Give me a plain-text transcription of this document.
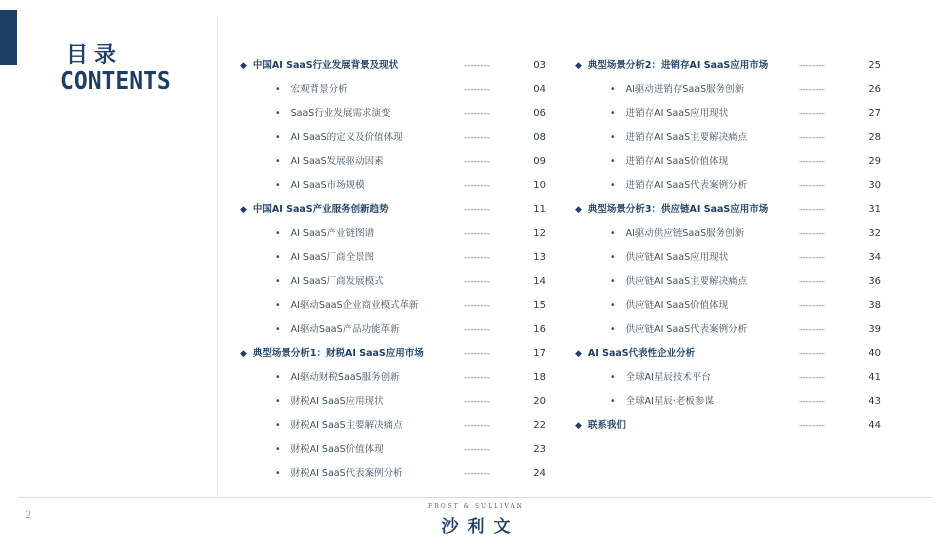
目录
CONTENTS	◆ 中国AI SaaS行业发展背景及现状	--------	03
• 宏观背景分析	--------	04
• SaaS行业发展需求演变	--------	06
• AI SaaS的定义及价值体现	--------	08
• AI SaaS发展驱动因素	--------	09
• AI SaaS市场规模	--------	10
◆ 中国AI SaaS产业服务创新趋势	--------	11
• AI SaaS产业链图谱	--------	12
• AI SaaS厂商全景图	--------	13
• AI SaaS厂商发展模式	--------	14
• AI驱动SaaS企业商业模式革新	--------	15
• AI驱动SaaS产品功能革新	--------	16
◆ 典型场景分析1：财税AI SaaS应用市场	--------	17
• AI驱动财税SaaS服务创新	--------	18
• 财税AI SaaS应用现状	--------	20
• 财税AI SaaS主要解决痛点	--------	22
• 财税AI SaaS价值体现	--------	23
• 财税AI SaaS代表案例分析	--------	24
◆ 典型场景分析2：进销存AI SaaS应用市场	--------	25
• AI驱动进销存SaaS服务创新	--------	26
• 进销存AI SaaS应用现状	--------	27
• 进销存AI SaaS主要解决痛点	--------	28
• 进销存AI SaaS价值体现	--------	29
• 进销存AI SaaS代表案例分析	--------	30
◆ 典型场景分析3：供应链AI SaaS应用市场	--------	31
• AI驱动供应链SaaS服务创新	--------	32
• 供应链AI SaaS应用现状	--------	34
• 供应链AI SaaS主要解决痛点	--------	36
• 供应链AI SaaS价值体现	--------	38
• 供应链AI SaaS代表案例分析	--------	39
◆ AI SaaS代表性企业分析	--------	40
• 全球AI星辰技术平台	--------	41
• 全球AI星辰·老板参谋	--------	43
◆ 联系我们	--------	44
2
FROST & SULLIVAN
沙利文
